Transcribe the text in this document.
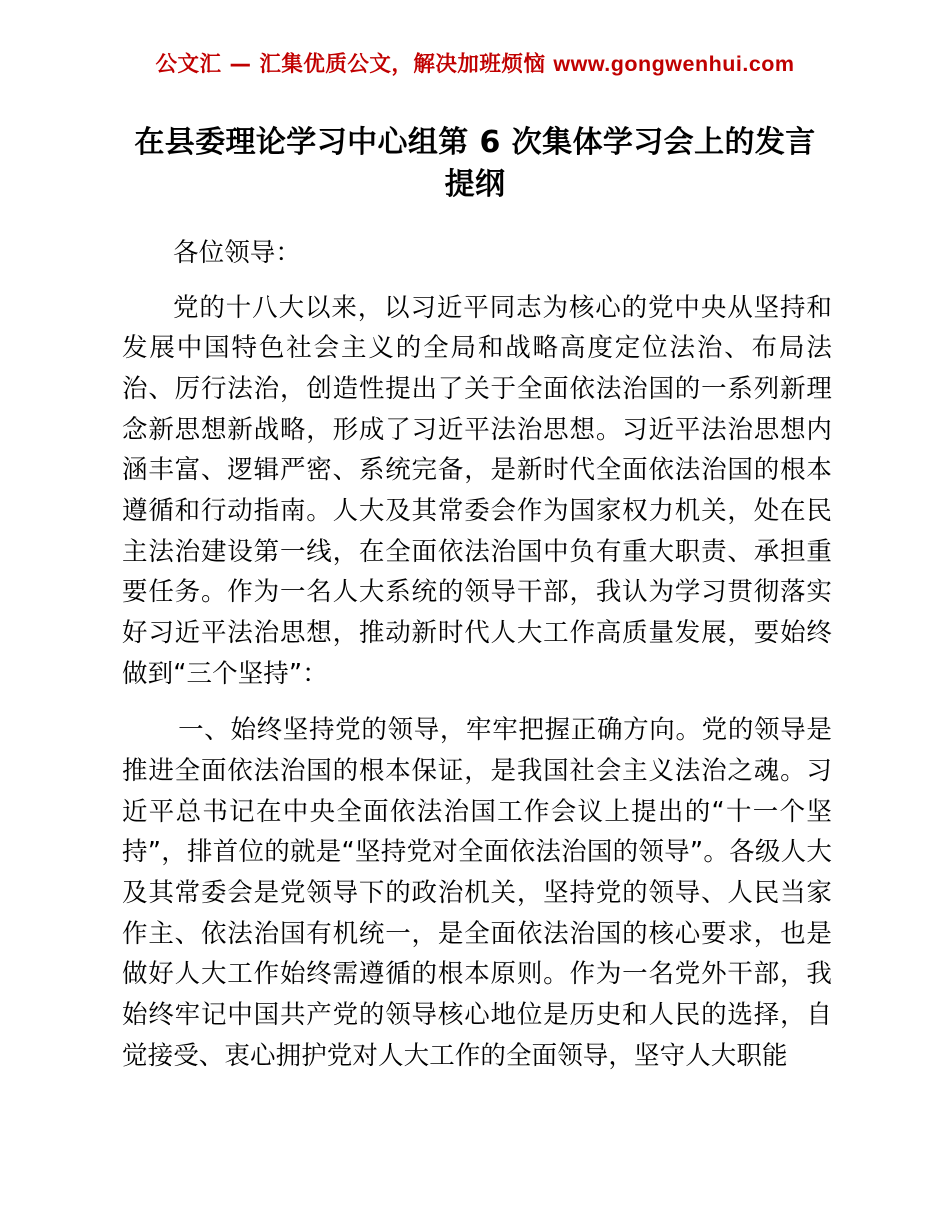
公文汇 — 汇集优质公文，解决加班烦恼 www.gongwenhui.com
在县委理论学习中心组第 6 次集体学习会上的发言提纲

各位领导：

党的十八大以来，以习近平同志为核心的党中央从坚持和发展中国特色社会主义的全局和战略高度定位法治、布局法治、厉行法治，创造性提出了关于全面依法治国的一系列新理念新思想新战略，形成了习近平法治思想。习近平法治思想内涵丰富、逻辑严密、系统完备，是新时代全面依法治国的根本遵循和行动指南。人大及其常委会作为国家权力机关，处在民主法治建设第一线，在全面依法治国中负有重大职责、承担重要任务。作为一名人大系统的领导干部，我认为学习贯彻落实好习近平法治思想，推动新时代人大工作高质量发展，要始终做到“三个坚持”：

一、始终坚持党的领导，牢牢把握正确方向。党的领导是推进全面依法治国的根本保证，是我国社会主义法治之魂。习近平总书记在中央全面依法治国工作会议上提出的“十一个坚持”，排首位的就是“坚持党对全面依法治国的领导”。各级人大及其常委会是党领导下的政治机关，坚持党的领导、人民当家作主、依法治国有机统一，是全面依法治国的核心要求，也是做好人大工作始终需遵循的根本原则。作为一名党外干部，我始终牢记中国共产党的领导核心地位是历史和人民的选择，自觉接受、衷心拥护党对人大工作的全面领导，坚守人大职能
